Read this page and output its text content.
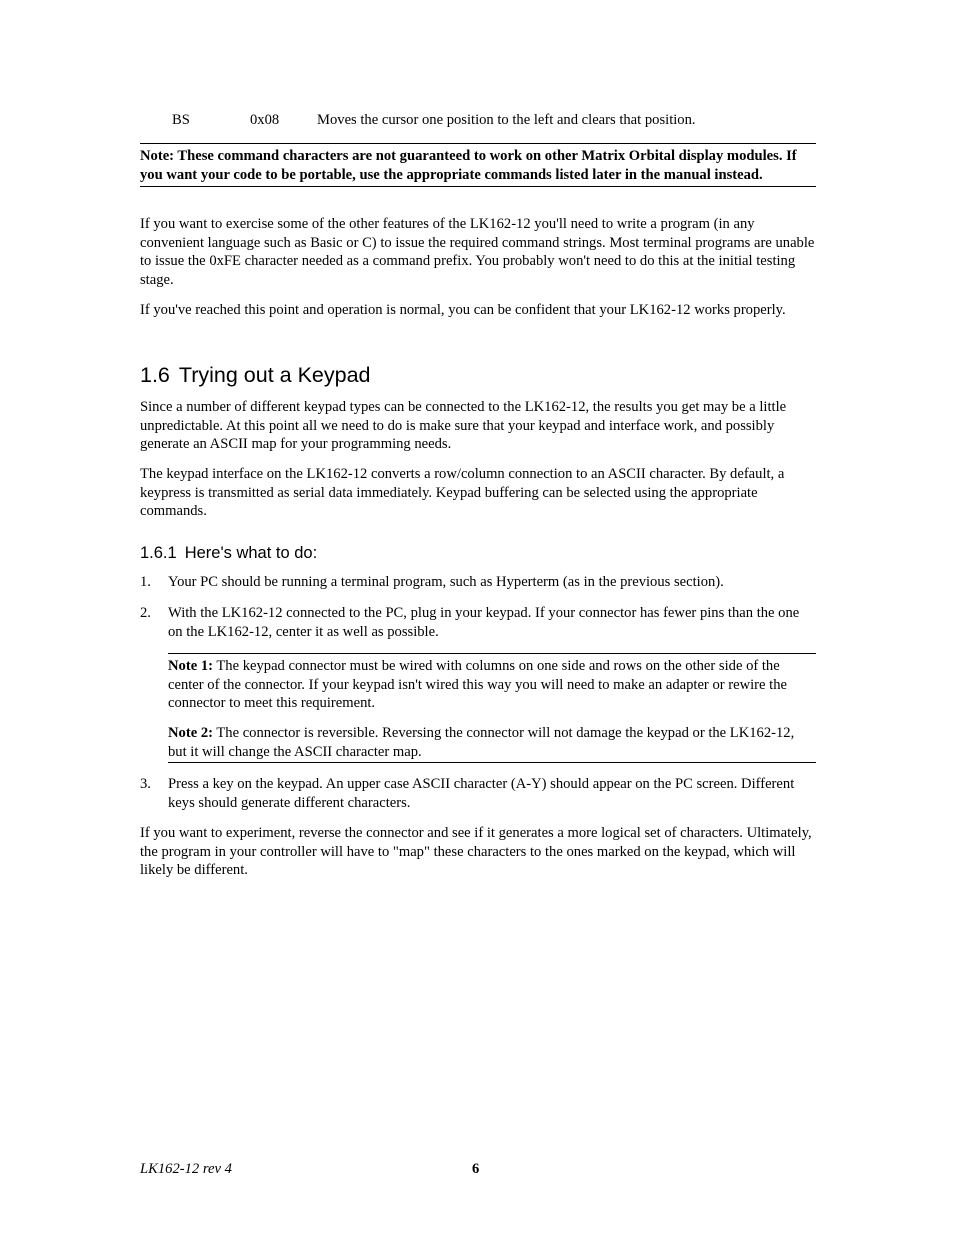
BS	0x08	Moves the cursor one position to the left and clears that position.
Note: These command characters are not guaranteed to work on other Matrix Orbital display modules. If you want your code to be portable, use the appropriate commands listed later in the manual instead.

If you want to exercise some of the other features of the LK162-12 you'll need to write a program (in any convenient language such as Basic or C) to issue the required command strings. Most terminal programs are unable to issue the 0xFE character needed as a command prefix. You probably won't need to do this at the initial testing stage.

If you've reached this point and operation is normal, you can be confident that your LK162-12 works properly.

1.6 Trying out a Keypad

Since a number of different keypad types can be connected to the LK162-12, the results you get may be a little unpredictable. At this point all we need to do is make sure that your keypad and interface work, and possibly generate an ASCII map for your programming needs.

The keypad interface on the LK162-12 converts a row/column connection to an ASCII character. By default, a keypress is transmitted as serial data immediately. Keypad buffering can be selected using the appropriate commands.

1.6.1 Here's what to do:
1. Your PC should be running a terminal program, such as Hyperterm (as in the previous section).
2. With the LK162-12 connected to the PC, plug in your keypad. If your connector has fewer pins than the one on the LK162-12, center it as well as possible.

Note 1: The keypad connector must be wired with columns on one side and rows on the other side of the center of the connector. If your keypad isn't wired this way you will need to make an adapter or rewire the connector to meet this requirement.

Note 2: The connector is reversible. Reversing the connector will not damage the keypad or the LK162-12, but it will change the ASCII character map.

3. Press a key on the keypad. An upper case ASCII character (A-Y) should appear on the PC screen. Different keys should generate different characters.

If you want to experiment, reverse the connector and see if it generates a more logical set of characters. Ultimately, the program in your controller will have to "map" these characters to the ones marked on the keypad, which will likely be different.

LK162-12 rev 4	6
